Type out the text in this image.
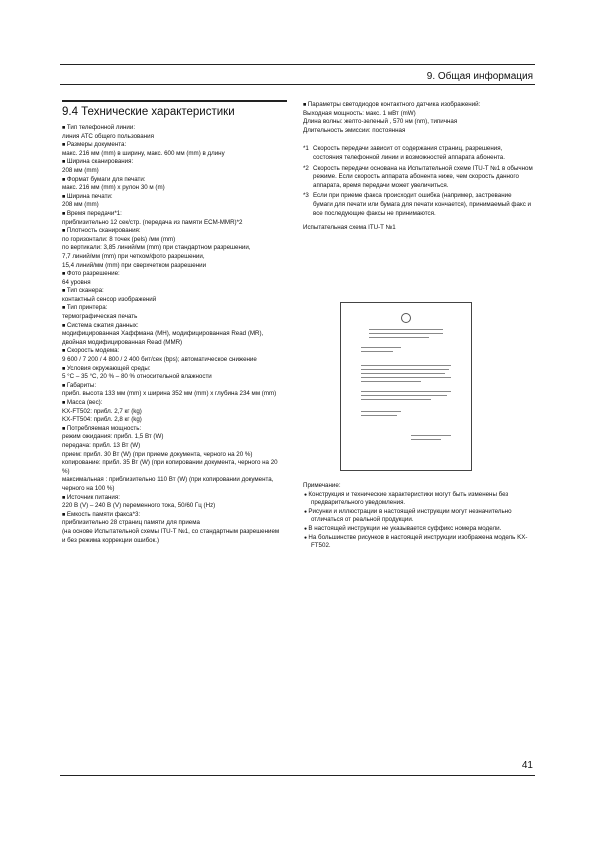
9. Общая информация
9.4 Технические характеристики
■ Тип телефонной линии:
линия АТС общего пользования
■ Размеры документа:
макс. 216 мм (mm) в ширину, макс. 600 мм (mm) в длину
■ Ширина сканирования:
208 мм (mm)
■ Формат бумаги для печати:
макс. 216 мм (mm) x рулон 30 м (m)
■ Ширина печати:
208 мм (mm)
■ Время передачи*1:
приблизительно 12 сек/стр. (передача из памяти ECM-MMR)*2
■ Плотность сканирования:
по горизонтали: 8 точек (pels) /мм (mm)
по вертикали: 3,85 линий/мм (mm) при стандартном разрешении,
7,7 линий/мм (mm) при четком/фото разрешении,
15,4 линий/мм (mm) при сверхчетком разрешении
■ Фото разрешение:
64 уровня
■ Тип сканера:
контактный сенсор изображений
■ Тип принтера:
термографическая печать
■ Система сжатия данных:
модифицированная Хаффмана (MH), модифицированная Read (MR), двойная модифицированная Read (MMR)
■ Скорость модема:
9 600 / 7 200 / 4 800 / 2 400 бит/сек (bps); автоматическое снижение
■ Условия окружающей среды:
5 °C – 35 °C, 20 % – 80 % относительной влажности
■ Габариты:
прибл. высота 133 мм (mm) x ширина 352 мм (mm) x глубина 234 мм (mm)
■ Масса (вес):
KX-FT502: прибл. 2,7 кг (kg)
KX-FT504: прибл. 2,8 кг (kg)
■ Потребляемая мощность:
режим ожидания: прибл. 1,5 Вт (W)
передача: прибл. 13 Вт (W)
прием: прибл. 30 Вт (W) (при приеме документа, черного на 20 %)
копирование: прибл. 35 Вт (W) (при копировании документа, черного на 20 %)
максимальная : приблизительно 110 Вт (W) (при копировании документа, черного на 100 %)
■ Источник питания:
220 В (V) – 240 В (V) переменного тока, 50/60 Гц (Hz)
■ Емкость памяти факса*3:
приблизительно 28 страниц памяти для приема
(на основе Испытательной схемы ITU-T №1, со стандартным разрешением и без режима коррекции ошибок.)
■ Параметры светодиодов контактного датчика изображений:
Выходная мощность: макс. 1 мВт (mW)
Длина волны: желто-зеленый , 570 нм (nm), типичная
Длительность эмиссии: постоянная
*1 Скорость передачи зависит от содержания страниц, разрешения, состояния телефонной линии и возможностей аппарата абонента.
*2 Скорость передачи основана на Испытательной схеме ITU-T №1 в обычном режиме. Если скорость аппарата абонента ниже, чем скорость данного аппарата, время передачи может увеличиться.
*3 Если при приеме факса происходит ошибка (например, застревание бумаги для печати или бумага для печати кончается), принимаемый факс и все последующие факсы не принимаются.
Испытательная схема ITU-T №1
Примечание:
● Конструкция и технические характеристики могут быть изменены без предварительного уведомления.
● Рисунки и иллюстрации в настоящей инструкции могут незначительно отличаться от реальной продукции.
● В настоящей инструкции не указывается суффикс номера модели.
● На большинстве рисунков в настоящей инструкции изображена модель KX-FT502.
41
